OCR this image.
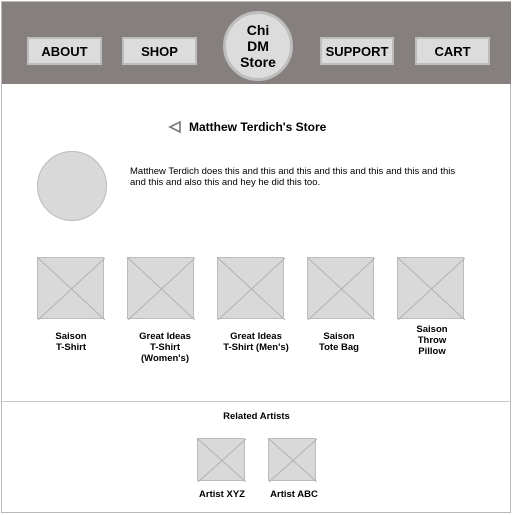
ABOUT	SHOP
Chi
DM
Store
SUPPORT	CART
Matthew Terdich's Store
Matthew Terdich does this and this and this and this and this and this and this and this and also this and hey he did this too.
Saison
T-Shirt
Great Ideas
T-Shirt
(Women's)
Great Ideas
T-Shirt (Men's)
Saison
Tote Bag
Saison
Throw
Pillow
Related Artists
Artist XYZ	Artist ABC
